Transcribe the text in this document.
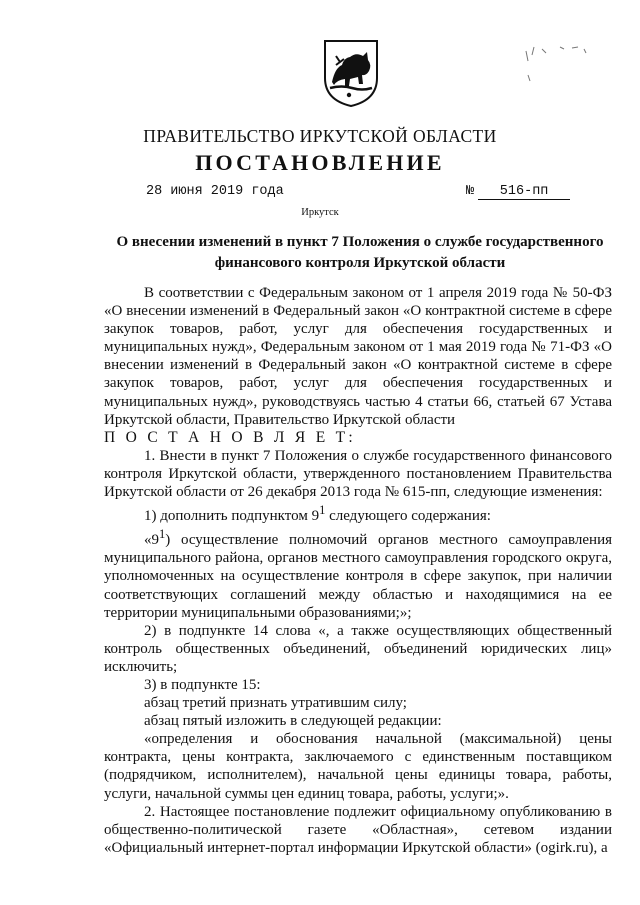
ПРАВИТЕЛЬСТВО ИРКУТСКОЙ ОБЛАСТИ
ПОСТАНОВЛЕНИЕ
28 июня 2019 года	№ 516-пп
Иркутск
О внесении изменений в пункт 7 Положения о службе государственного финансового контроля Иркутской области

В соответствии с Федеральным законом от 1 апреля 2019 года № 50-ФЗ «О внесении изменений в Федеральный закон «О контрактной системе в сфере закупок товаров, работ, услуг для обеспечения государственных и муниципальных нужд», Федеральным законом от 1 мая 2019 года № 71-ФЗ «О внесении изменений в Федеральный закон «О контрактной системе в сфере закупок товаров, работ, услуг для обеспечения государственных и муниципальных нужд», руководствуясь частью 4 статьи 66, статьей 67 Устава Иркутской области, Правительство Иркутской области

П О С Т А Н О В Л Я Е Т:

1. Внести в пункт 7 Положения о службе государственного финансового контроля Иркутской области, утвержденного постановлением Правительства Иркутской области от 26 декабря 2013 года № 615-пп, следующие изменения:

1) дополнить подпунктом $9^1$ следующего содержания:

«$9^1$) осуществление полномочий органов местного самоуправления муниципального района, органов местного самоуправления городского округа, уполномоченных на осуществление контроля в сфере закупок, при наличии соответствующих соглашений между областью и находящимися на ее территории муниципальными образованиями;»;

2) в подпункте 14 слова «, а также осуществляющих общественный контроль общественных объединений, объединений юридических лиц» исключить;

3) в подпункте 15:

абзац третий признать утратившим силу;

абзац пятый изложить в следующей редакции:

«определения и обоснования начальной (максимальной) цены контракта, цены контракта, заключаемого с единственным поставщиком (подрядчиком, исполнителем), начальной цены единицы товара, работы, услуги, начальной суммы цен единиц товара, работы, услуги;».

2. Настоящее постановление подлежит официальному опубликованию в общественно-политической газете «Областная», сетевом издании «Официальный интернет-портал информации Иркутской области» (ogirk.ru), а
